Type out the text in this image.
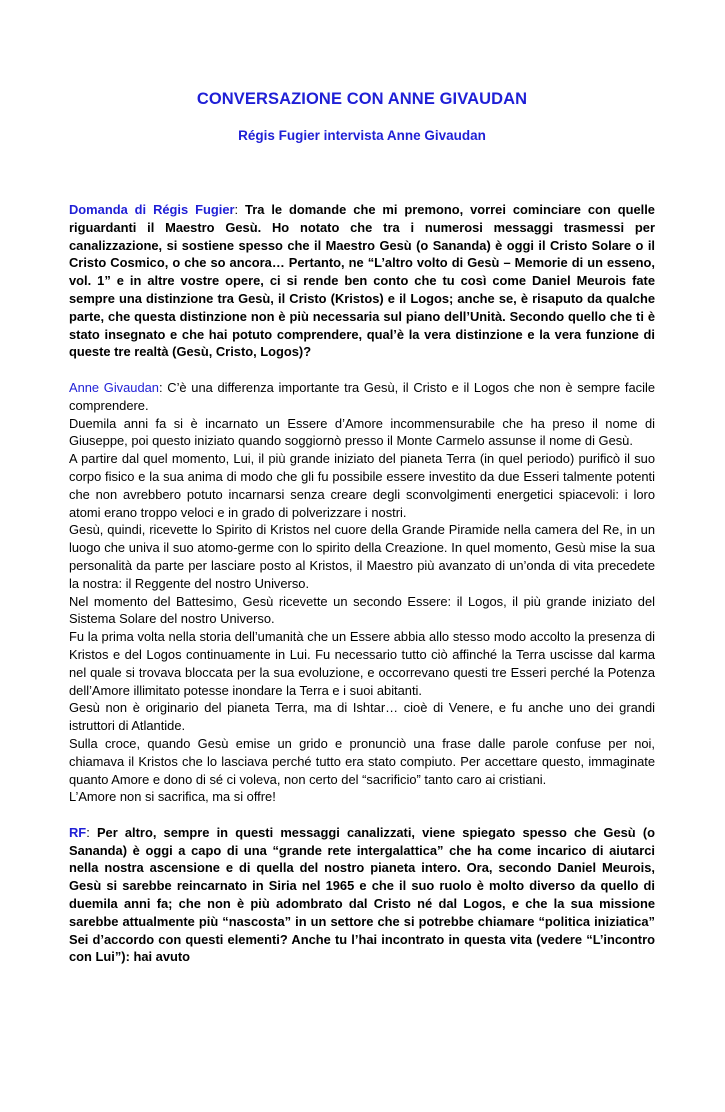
CONVERSAZIONE CON ANNE GIVAUDAN
Régis Fugier intervista Anne Givaudan

Domanda di Régis Fugier: Tra le domande che mi premono, vorrei cominciare con quelle riguardanti il Maestro Gesù. Ho notato che tra i numerosi messaggi trasmessi per canalizzazione, si sostiene spesso che il Maestro Gesù (o Sananda) è oggi il Cristo Solare o il Cristo Cosmico, o che so ancora… Pertanto, ne “L’altro volto di Gesù – Memorie di un esseno, vol. 1” e in altre vostre opere, ci si rende ben conto che tu così come Daniel Meurois fate sempre una distinzione tra Gesù, il Cristo (Kristos) e il Logos; anche se, è risaputo da qualche parte, che questa distinzione non è più necessaria sul piano dell’Unità. Secondo quello che ti è stato insegnato e che hai potuto comprendere, qual’è la vera distinzione e la vera funzione di queste tre realtà (Gesù, Cristo, Logos)?

Anne Givaudan: C’è una differenza importante tra Gesù, il Cristo e il Logos che non è sempre facile comprendere.

Duemila anni fa si è incarnato un Essere d’Amore incommensurabile che ha preso il nome di Giuseppe, poi questo iniziato quando soggiornò presso il Monte Carmelo assunse il nome di Gesù.

A partire dal quel momento, Lui, il più grande iniziato del pianeta Terra (in quel periodo) purificò il suo corpo fisico e la sua anima di modo che gli fu possibile essere investito da due Esseri talmente potenti che non avrebbero potuto incarnarsi senza creare degli sconvolgimenti energetici spiacevoli: i loro atomi erano troppo veloci e in grado di polverizzare i nostri.

Gesù, quindi, ricevette lo Spirito di Kristos nel cuore della Grande Piramide nella camera del Re, in un luogo che univa il suo atomo-germe con lo spirito della Creazione. In quel momento, Gesù mise la sua personalità da parte per lasciare posto al Kristos, il Maestro più avanzato di un’onda di vita precedete la nostra: il Reggente del nostro Universo.

Nel momento del Battesimo, Gesù ricevette un secondo Essere: il Logos, il più grande iniziato del Sistema Solare del nostro Universo.

Fu la prima volta nella storia dell’umanità che un Essere abbia allo stesso modo accolto la presenza di Kristos e del Logos continuamente in Lui. Fu necessario tutto ciò affinché la Terra uscisse dal karma nel quale si trovava bloccata per la sua evoluzione, e occorrevano questi tre Esseri perché la Potenza dell’Amore illimitato potesse inondare la Terra e i suoi abitanti.

Gesù non è originario del pianeta Terra, ma di Ishtar… cioè di Venere, e fu anche uno dei grandi istruttori di Atlantide.

Sulla croce, quando Gesù emise un grido e pronunciò una frase dalle parole confuse per noi, chiamava il Kristos che lo lasciava perché tutto era stato compiuto. Per accettare questo, immaginate quanto Amore e dono di sé ci voleva, non certo del “sacrificio” tanto caro ai cristiani.

L’Amore non si sacrifica, ma si offre!

RF: Per altro, sempre in questi messaggi canalizzati, viene spiegato spesso che Gesù (o Sananda) è oggi a capo di una “grande rete intergalattica” che ha come incarico di aiutarci nella nostra ascensione e di quella del nostro pianeta intero. Ora, secondo Daniel Meurois, Gesù si sarebbe reincarnato in Siria nel 1965 e che il suo ruolo è molto diverso da quello di duemila anni fa; che non è più adombrato dal Cristo né dal Logos, e che la sua missione sarebbe attualmente più “nascosta” in un settore che si potrebbe chiamare “politica iniziatica” Sei d’accordo con questi elementi? Anche tu l’hai incontrato in questa vita (vedere “L’incontro con Lui”): hai avuto
